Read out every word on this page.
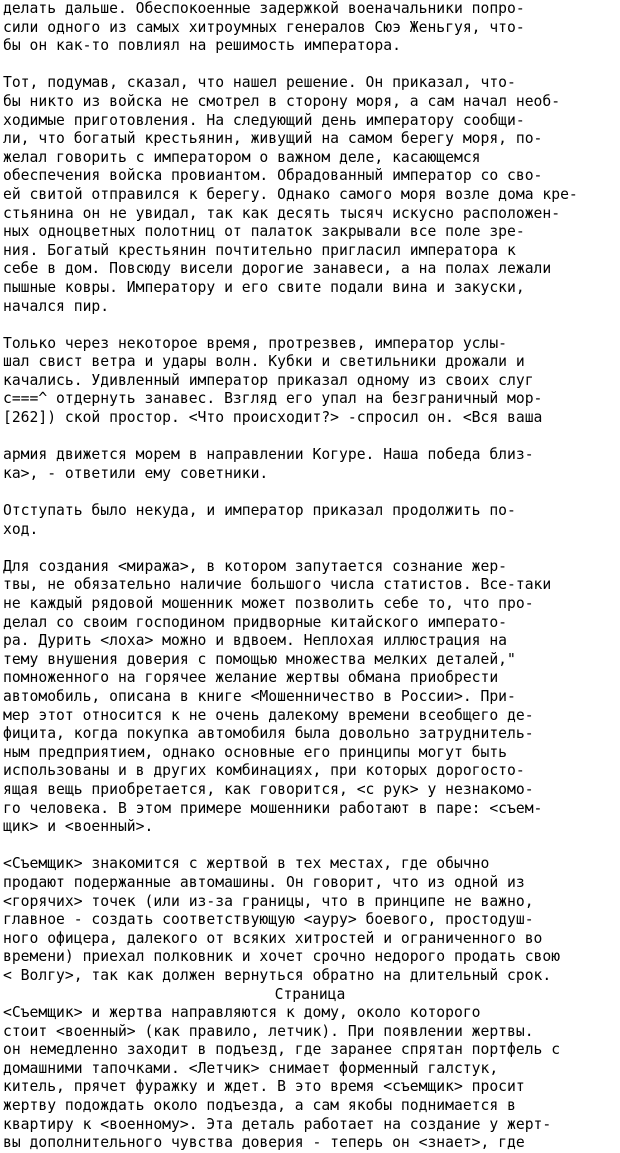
делать дальше. Обеспокоенные задержкой военачальники попро-
сили одного из самых хитроумных генералов Сюэ Женьгуя, что-
бы он как-то повлиял на решимость императора.
Тот, подумав, сказал, что нашел решение. Он приказал, что-
бы никто из войска не смотрел в сторону моря, а сам начал необ-
ходимые приготовления. На следующий день императору сообщи-
ли, что богатый крестьянин, живущий на самом берегу моря, по-
желал говорить с императором о важном деле, касающемся
обеспечения войска провиантом. Обрадованный император со сво-
ей свитой отправился к берегу. Однако самого моря возле дома кре-
стьянина он не увидал, так как десять тысяч искусно расположен-
ных одноцветных полотниц от палаток закрывали все поле зре-
ния. Богатый крестьянин почтительно пригласил императора к
себе в дом. Повсюду висели дорогие занавеси, а на полах лежали
пышные ковры. Императору и его свите подали вина и закуски,
начался пир.
Только через некоторое время, протрезвев, император услы-
шал свист ветра и удары волн. Кубки и светильники дрожали и
качались. Удивленный император приказал одному из своих слуг
с===^ отдернуть занавес. Взгляд его упал на безграничный мор-
[262]) ской простор. <Что происходит?> -спросил он. <Вся ваша
армия движется морем в направлении Когуре. Наша победа близ-
ка>, - ответили ему советники.
Отступать было некуда, и император приказал продолжить по-
ход.
Для создания <миража>, в котором запутается сознание жер-
твы, не обязательно наличие большого числа статистов. Все-таки
не каждый рядовой мошенник может позволить себе то, что про-
делал со своим господином придворные китайского императо-
ра. Дурить <лоха> можно и вдвоем. Неплохая иллюстрация на
тему внушения доверия с помощью множества мелких деталей,"
помноженного на горячее желание жертвы обмана приобрести
автомобиль, описана в книге <Мошенничество в России>. При-
мер этот относится к не очень далекому времени всеобщего де-
фицита, когда покупка автомобиля была довольно затруднитель-
ным предприятием, однако основные его принципы могут быть
использованы и в других комбинациях, при которых дорогосто-
ящая вещь приобретается, как говорится, <с рук> у незнакомо-
го человека. В этом примере мошенники работают в паре: <съем-
щик> и <военный>.
<Съемщик> знакомится с жертвой в тех местах, где обычно
продают подержанные автомашины. Он говорит, что из одной из
<горячих> точек (или из-за границы, что в принципе не важно,
главное - создать соответствующую <ауру> боевого, простодуш-
ного офицера, далекого от всяких хитростей и ограниченного во
времени) приехал полковник и хочет срочно недорого продать свою
< Волгу>, так как должен вернуться обратно на длительный срок.
<Съемщик> и жертва направляются к дому, около которого
стоит <военный> (как правило, летчик). При появлении жертвы.
он немедленно заходит в подъезд, где заранее спрятан портфель с
домашними тапочками. <Летчик> снимает форменный галстук,
китель, прячет фуражку и ждет. В это время <съемщик> просит
жертву подождать около подъезда, а сам якобы поднимается в
квартиру к <военному>. Эта деталь работает на создание у жерт-
вы дополнительного чувства доверия - теперь он <знает>, где
Страница
